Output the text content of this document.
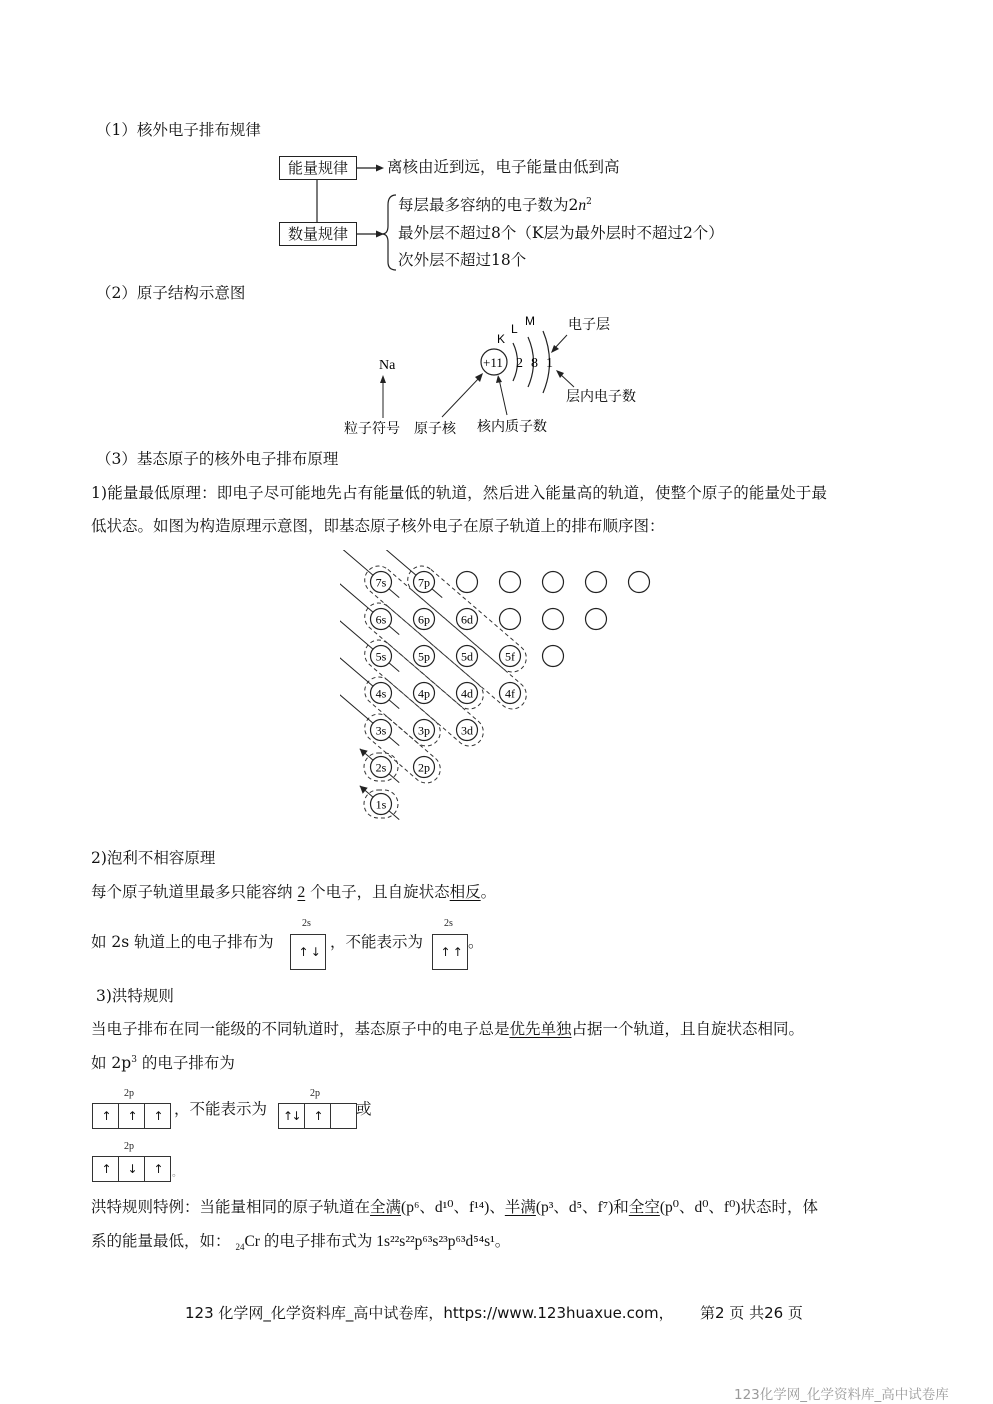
（1）核外电子排布规律
能量规律
数量规律
离核由近到远，电子能量由低到高
每层最多容纳的电子数为$2n^2$
最外层不超过8个（K层为最外层时不超过2个）
次外层不超过18个
（2）原子结构示意图
Na	+11 2 8 1
K
L
M 电子层
层内电子数
粒子符号 原子核 核内质子数
（3）基态原子的核外电子排布原理
1)能量最低原理：即电子尽可能地先占有能量低的轨道，然后进入能量高的轨道，使整个原子的能量处于最
低状态。如图为构造原理示意图，即基态原子核外电子在原子轨道上的排布顺序图：
7s	7p
6s	6p	6d
5s	5p	5d	5f
4s	4p	4d	4f
3s	3p	3d
2s	2p
1s
2)泡利不相容原理
每个原子轨道里最多只能容纳 2 个电子，且自旋状态相反。
如 2s 轨道上的电子排布为
2s
↑ ↓
，不能表示为
2s
↑ ↑
。
3)洪特规则
当电子排布在同一能级的不同轨道时，基态原子中的电子总是优先单独占据一个轨道，且自旋状态相同。
如 $2p^3$ 的电子排布为
2p
↑ ↑ ↑ ，不能表示为
2p
↑
↓ ↑ 或
2p
↑ ↓ ↑ 。
洪特规则特例：当能量相同的原子轨道在全满(p⁶、d¹⁰、f¹⁴)、半满(p³、d⁵、f⁷)和全空(p⁰、d⁰、f⁰)状态时，体
系的能量最低，如： $_{24}$Cr 的电子排布式为 1s²²s²²p⁶³s²³p⁶³d⁵⁴s¹。
123 化学网_化学资料库_高中试卷库，https://www.123huaxue.com， 第2 页 共26 页
123化学网_化学资料库_高中试卷库
